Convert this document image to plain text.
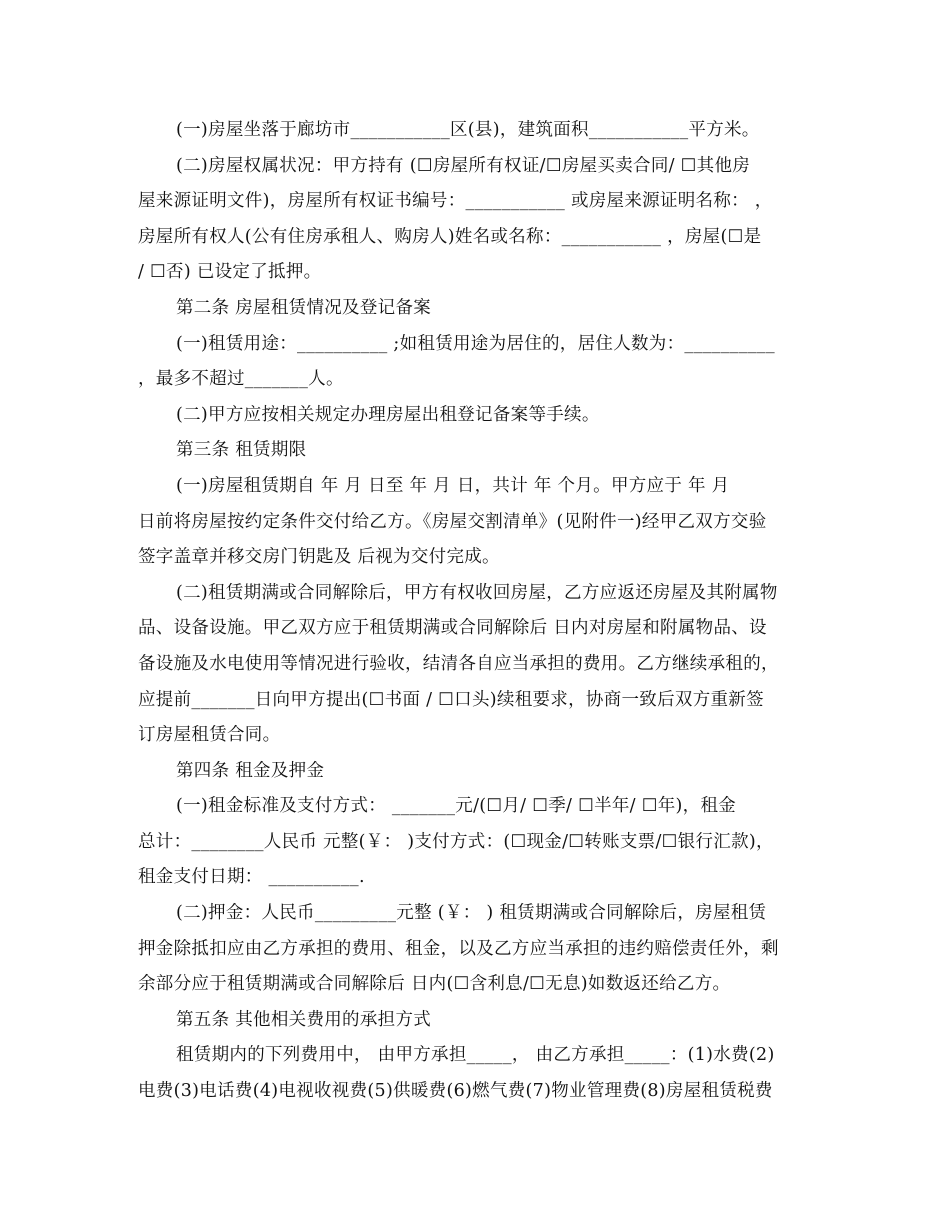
(一)房屋坐落于廊坊市___________区(县)，建筑面积___________平方米。
(二)房屋权属状况：甲方持有 (☐房屋所有权证/☐房屋买卖合同/ ☐其他房
屋来源证明文件)，房屋所有权证书编号：___________ 或房屋来源证明名称： ，
房屋所有权人(公有住房承租人、购房人)姓名或名称：___________ ，房屋(☐是
/ ☐否) 已设定了抵押。
第二条 房屋租赁情况及登记备案
(一)租赁用途：__________ ;如租赁用途为居住的，居住人数为：__________
，最多不超过_______人。
(二)甲方应按相关规定办理房屋出租登记备案等手续。
第三条 租赁期限
(一)房屋租赁期自 年 月 日至 年 月 日，共计 年 个月。甲方应于 年 月
日前将房屋按约定条件交付给乙方。《房屋交割清单》(见附件一)经甲乙双方交验
签字盖章并移交房门钥匙及 后视为交付完成。
(二)租赁期满或合同解除后，甲方有权收回房屋，乙方应返还房屋及其附属物
品、设备设施。甲乙双方应于租赁期满或合同解除后 日内对房屋和附属物品、设
备设施及水电使用等情况进行验收，结清各自应当承担的费用。乙方继续承租的，
应提前_______日向甲方提出(☐书面 / ☐口头)续租要求，协商一致后双方重新签
订房屋租赁合同。
第四条 租金及押金
(一)租金标准及支付方式： _______元/(☐月/ ☐季/ ☐半年/ ☐年)，租金
总计：________人民币 元整(￥： )支付方式：(☐现金/☐转账支票/☐银行汇款)，
租金支付日期： __________.
(二)押金：人民币_________元整 (￥： ) 租赁期满或合同解除后，房屋租赁
押金除抵扣应由乙方承担的费用、租金，以及乙方应当承担的违约赔偿责任外，剩
余部分应于租赁期满或合同解除后 日内(☐含利息/☐无息)如数返还给乙方。
第五条 其他相关费用的承担方式
租赁期内的下列费用中， 由甲方承担_____， 由乙方承担_____：(1)水费(2)
电费(3)电话费(4)电视收视费(5)供暖费(6)燃气费(7)物业管理费(8)房屋租赁税费
